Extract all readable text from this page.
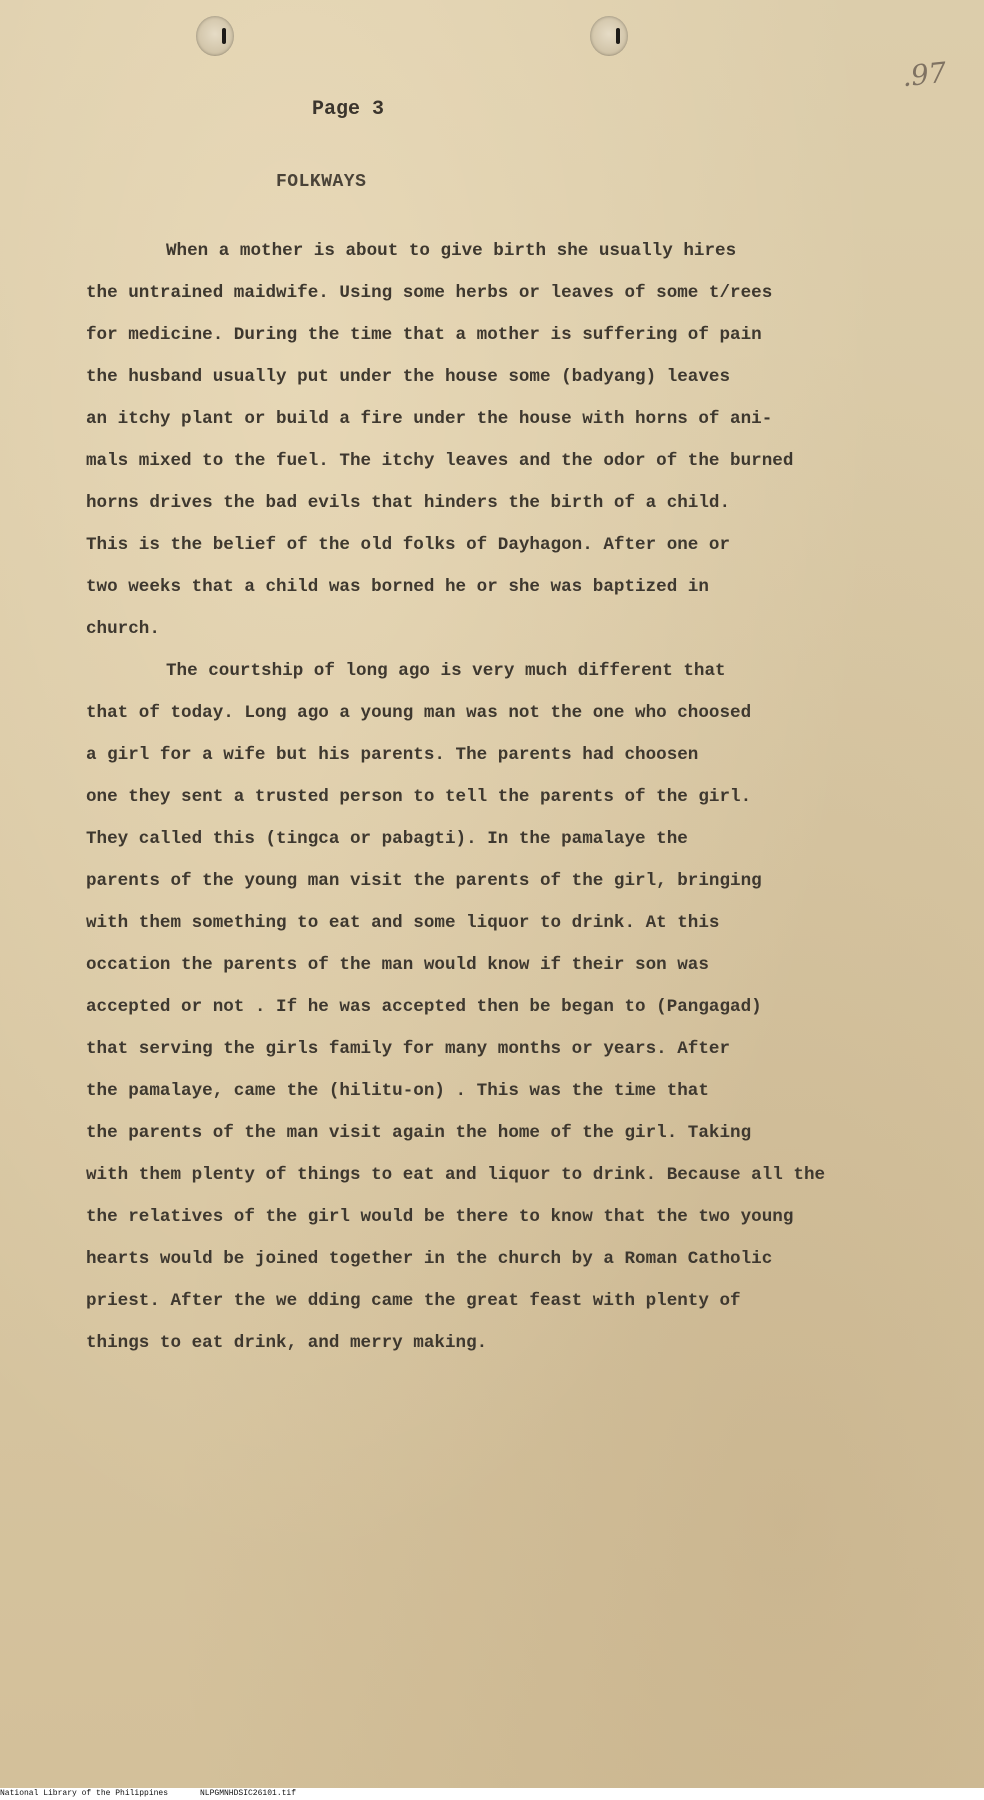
.97
Page 3
FOLKWAYS

When a mother is about to give birth she usually hires
the untrained maidwife. Using some herbs or leaves of some t/rees
for medicine. During the time that a mother is suffering of pain
the husband usually put under the house some (badyang) leaves
an itchy plant or build a fire under the house with horns of ani-
mals mixed to the fuel. The itchy leaves and the odor of the burned
horns drives the bad evils that hinders the birth of a child.
This is the belief of the old folks of Dayhagon. After one or
two weeks that a child was borned he or she was baptized in
church.

The courtship of long ago is very much different that
that of today. Long ago a young man was not the one who choosed
a girl for a wife but his parents. The parents had choosen
one they sent a trusted person to tell the parents of the girl.
They called this (tingca or pabagti). In the pamalaye the
parents of the young man visit the parents of the girl, bringing
with them something to eat and some liquor to drink. At this
occation the parents of the man would know if their son was
accepted or not . If he was accepted then be began to (Pangagad)
that serving the girls family for many months or years. After
the pamalaye, came the (hilitu-on) . This was the time that
the parents of the man visit again the home of the girl. Taking
with them plenty of things to eat and liquor to drink. Because all the
the relatives of the girl would be there to know that the two young
hearts would be joined together in the church by a Roman Catholic
priest. After the we dding came the great feast with plenty of
things to eat drink, and merry making.

National Library of the Philippines	NLPGMNHDSIC26101.tif
